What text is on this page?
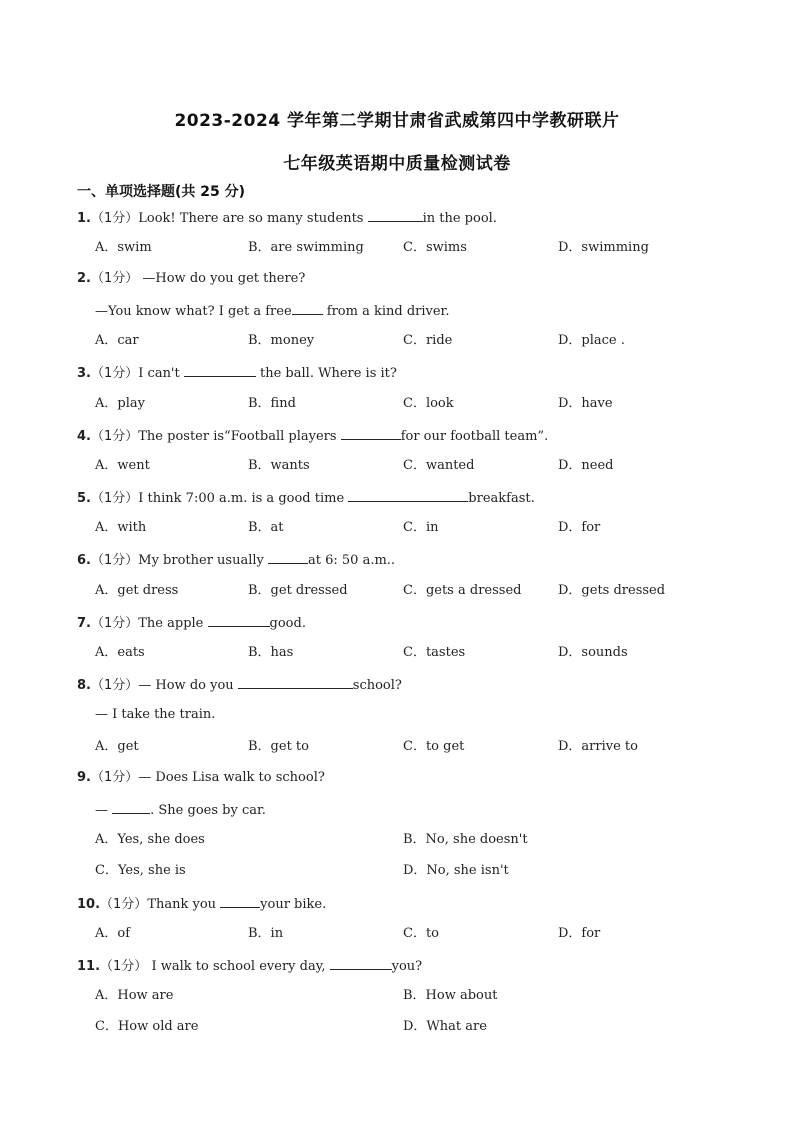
2023-2024 学年第二学期甘肃省武威第四中学教研联片
七年级英语期中质量检测试卷
一、单项选择题(共 25 分)
1.（1分）Look! There are so many students	in the pool.
A．swim	B．are swimming	C．swims	D．swimming
2.（1分） —How do you get there?
—You know what? I get a free from a kind driver.
A．car	B．money	C．ride	D．place .
3.（1分）I can't	the ball. Where is it?
A．play	B．find	C．look	D．have
4.（1分）The poster is“Football players	for our football team”.
A．went	B．wants	C．wanted	D．need
5.（1分）I think 7:00 a.m. is a good time	breakfast.
A．with	B．at	C．in	D．for
6.（1分）My brother usually	at 6: 50 a.m..
A．get dress	B．get dressed	C．gets a dressed	D．gets dressed
7.（1分）The apple	good.
A．eats	B．has	C．tastes	D．sounds
8.（1分）— How do you	school?
— I take the train.
A．get	B．get to	C．to get	D．arrive to
9.（1分）— Does Lisa walk to school?
—	. She goes by car.
A．Yes, she does	B．No, she doesn't
C．Yes, she is	D．No, she isn't
10.（1分）Thank you	your bike.
A．of	B．in	C．to	D．for
11.（1分） I walk to school every day,	you?
A．How are	B．How about
C．How old are	D．What are
